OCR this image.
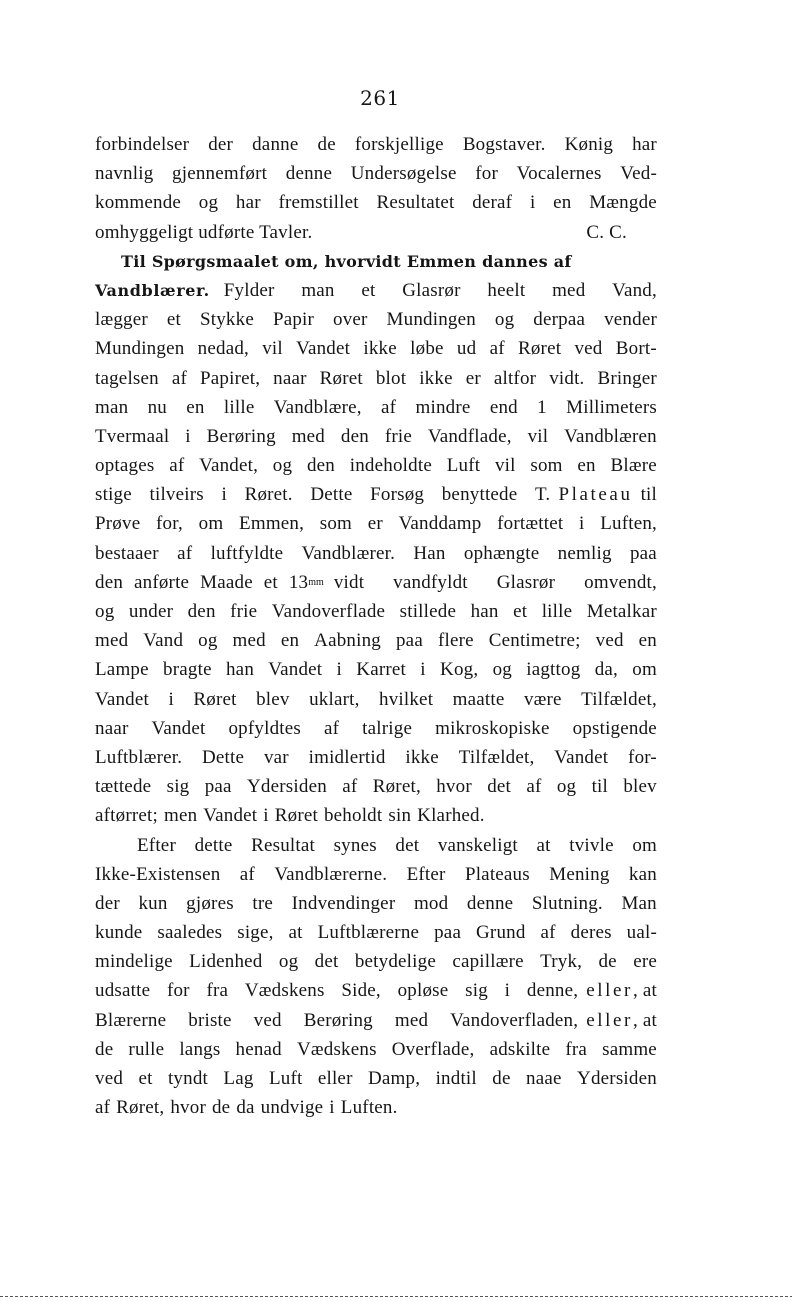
261
forbindelser der danne de forskjellige Bogstaver. Kønig har
navnlig gjennemført denne Undersøgelse for Vocalernes Ved-
kommende og har fremstillet Resultatet deraf i en Mængde
omhyggeligt udførte Tavler.	C. C.
Til Spørgsmaalet om, hvorvidt Emmen dannes af
Vandblærer. Fylder man et Glasrør heelt med Vand,
lægger et Stykke Papir over Mundingen og derpaa vender
Mundingen nedad, vil Vandet ikke løbe ud af Røret ved Bort-
tagelsen af Papiret, naar Røret blot ikke er altfor vidt. Bringer
man nu en lille Vandblære, af mindre end 1 Millimeters
Tvermaal i Berøring med den frie Vandflade, vil Vandblæren
optages af Vandet, og den indeholdte Luft vil som en Blære
stige tilveirs i Røret. Dette Forsøg benyttede T. Plateau til
Prøve for, om Emmen, som er Vanddamp fortættet i Luften,
bestaaer af luftfyldte Vandblærer. Han ophængte nemlig paa
den anførte Maade et 13 mm vidt vandfyldt Glasrør omvendt,
og under den frie Vandoverflade stillede han et lille Metalkar
med Vand og med en Aabning paa flere Centimetre; ved en
Lampe bragte han Vandet i Karret i Kog, og iagttog da, om
Vandet i Røret blev uklart, hvilket maatte være Tilfældet,
naar Vandet opfyldtes af talrige mikroskopiske opstigende
Luftblærer. Dette var imidlertid ikke Tilfældet, Vandet for-
tættede sig paa Ydersiden af Røret, hvor det af og til blev
aftørret; men Vandet i Røret beholdt sin Klarhed.
Efter dette Resultat synes det vanskeligt at tvivle om
Ikke-Existensen af Vandblærerne. Efter Plateaus Mening kan
der kun gjøres tre Indvendinger mod denne Slutning. Man
kunde saaledes sige, at Luftblærerne paa Grund af deres ual-
mindelige Lidenhed og det betydelige capillære Tryk, de ere
udsatte for fra Vædskens Side, opløse sig i denne, eller , at
Blærerne briste ved Berøring med Vandoverfladen, eller , at
de rulle langs henad Vædskens Overflade, adskilte fra samme
ved et tyndt Lag Luft eller Damp, indtil de naae Ydersiden
af Røret, hvor de da undvige i Luften.
